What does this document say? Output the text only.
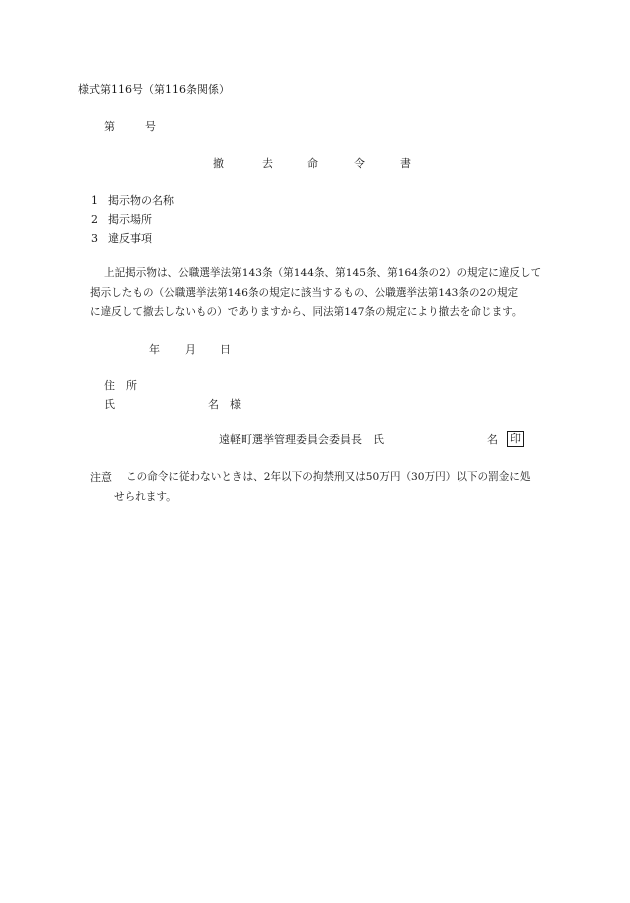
様式第116号（第116条関係）
第	号
撤	去	命	令	書
1 掲示物の名称
2 掲示場所
3 違反事項
上記掲示物は、公職選挙法第143条（第144条、第145条、第164条の2）の規定に違反して
掲示したもの（公職選挙法第146条の規定に該当するもの、公職選挙法第143条の2の規定
に違反して撤去しないもの）でありますから、同法第147条の規定により撤去を命じます。
年 月 日
住　所
氏	名　様
遠軽町選挙管理委員会委員長　氏	名 印
注意 この命令に従わないときは、2年以下の拘禁刑又は50万円（30万円）以下の罰金に処
せられます。
